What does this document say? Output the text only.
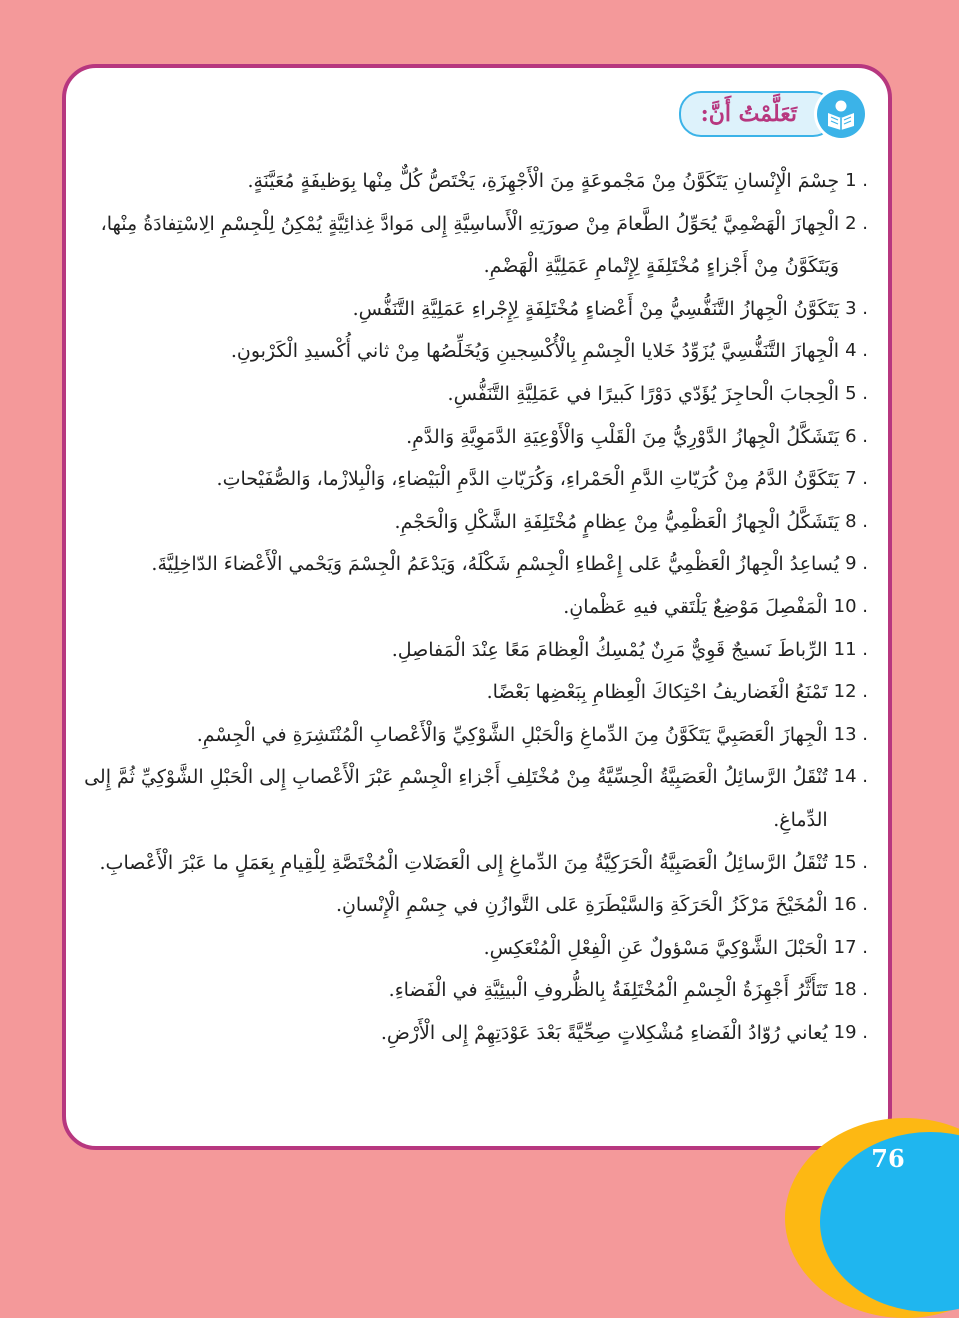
تَعَلَّمْتُ أَنَّ:
1 .
جِسْمَ الْإِنْسانِ يَتَكَوَّنُ مِنْ مَجْموعَةٍ مِنَ الْأَجْهِزَةِ، يَخْتَصُّ كُلٌّ مِنْها بِوَظيفَةٍ مُعَيَّنَةٍ.
2 .
الْجِهازَ الْهَضْمِيَّ يُحَوِّلُ الطَّعامَ مِنْ صورَتِهِ الْأَساسِيَّةِ إِلى مَوادَّ غِذائِيَّةٍ يُمْكِنُ لِلْجِسْمِ الِاسْتِفادَةُ مِنْها، وَيَتَكَوَّنُ مِنْ أَجْزاءٍ مُخْتَلِفَةٍ لِإِتْمامِ عَمَلِيَّةِ الْهَضْمِ.
3 .
يَتَكَوَّنُ الْجِهازُ التَّنَفُّسِيُّ مِنْ أَعْضاءٍ مُخْتَلِفَةٍ لِإِجْراءِ عَمَلِيَّةِ التَّنَفُّسِ.
4 .
الْجِهازَ التَّنَفُّسِيَّ يُزَوِّدُ خَلايا الْجِسْمِ بِالْأُكْسِجينِ وَيُخَلِّصُها مِنْ ثاني أُكْسيدِ الْكَرْبونِ.
5 .
الْحِجابَ الْحاجِزَ يُؤَدّي دَوْرًا كَبيرًا في عَمَلِيَّةِ التَّنَفُّسِ.
6 .
يَتَشَكَّلُ الْجِهازُ الدَّوْرِيُّ مِنَ الْقَلْبِ وَالْأَوْعِيَةِ الدَّمَوِيَّةِ وَالدَّمِ.
7 .
يَتَكَوَّنُ الدَّمُ مِنْ كُرَيّاتِ الدَّمِ الْحَمْراءِ، وَكُرَيّاتِ الدَّمِ الْبَيْضاءِ، وَالْبِلازْما، وَالصُّفَيْحاتِ.
8 .
يَتَشَكَّلُ الْجِهازُ الْعَظْمِيُّ مِنْ عِظامٍ مُخْتَلِفَةِ الشَّكْلِ وَالْحَجْمِ.
9 .
يُساعِدُ الْجِهازُ الْعَظْمِيُّ عَلى إِعْطاءِ الْجِسْمِ شَكْلَهُ، وَيَدْعَمُ الْجِسْمَ وَيَحْمي الْأَعْضاءَ الدّاخِلِيَّةَ.
10 .
الْمَفْصِلَ مَوْضِعٌ يَلْتَقي فيهِ عَظْمانِ.
11 .
الرِّباطَ نَسيجٌ قَوِيٌّ مَرِنٌ يُمْسِكُ الْعِظامَ مَعًا عِنْدَ الْمَفاصِلِ.
12 .
تَمْنَعُ الْغَضاريفُ احْتِكاكَ الْعِظامِ بِبَعْضِها بَعْضًا.
13 .
الْجِهازَ الْعَصَبِيَّ يَتَكَوَّنُ مِنَ الدِّماغِ وَالْحَبْلِ الشَّوْكِيِّ وَالْأَعْصابِ الْمُنْتَشِرَةِ في الْجِسْمِ.
14 .
تُنْقَلُ الرَّسائِلُ الْعَصَبِيَّةُ الْحِسِّيَّةُ مِنْ مُخْتَلِفِ أَجْزاءِ الْجِسْمِ عَبْرَ الْأَعْصابِ إِلى الْحَبْلِ الشَّوْكِيِّ ثُمَّ إِلى الدِّماغِ.
15 .
تُنْقَلُ الرَّسائِلُ الْعَصَبِيَّةُ الْحَرَكِيَّةُ مِنَ الدِّماغِ إِلى الْعَضَلاتِ الْمُخْتَصَّةِ لِلْقِيامِ بِعَمَلٍ ما عَبْرَ الْأَعْصابِ.
16 .
الْمُخَيْخَ مَرْكَزُ الْحَرَكَةِ وَالسَّيْطَرَةِ عَلى التَّوازُنِ في جِسْمِ الْإِنْسانِ.
17 .
الْحَبْلَ الشَّوْكِيَّ مَسْؤولٌ عَنِ الْفِعْلِ الْمُنْعَكِسِ.
18 .
تَتَأَثَّرُ أَجْهِزَةُ الْجِسْمِ الْمُخْتَلِفَةُ بِالظُّروفِ الْبيئِيَّةِ في الْفَضاءِ.
19 .
يُعاني رُوّادُ الْفَضاءِ مُشْكِلاتٍ صِحِّيَّةً بَعْدَ عَوْدَتِهِمْ إِلى الْأَرْضِ.
76
